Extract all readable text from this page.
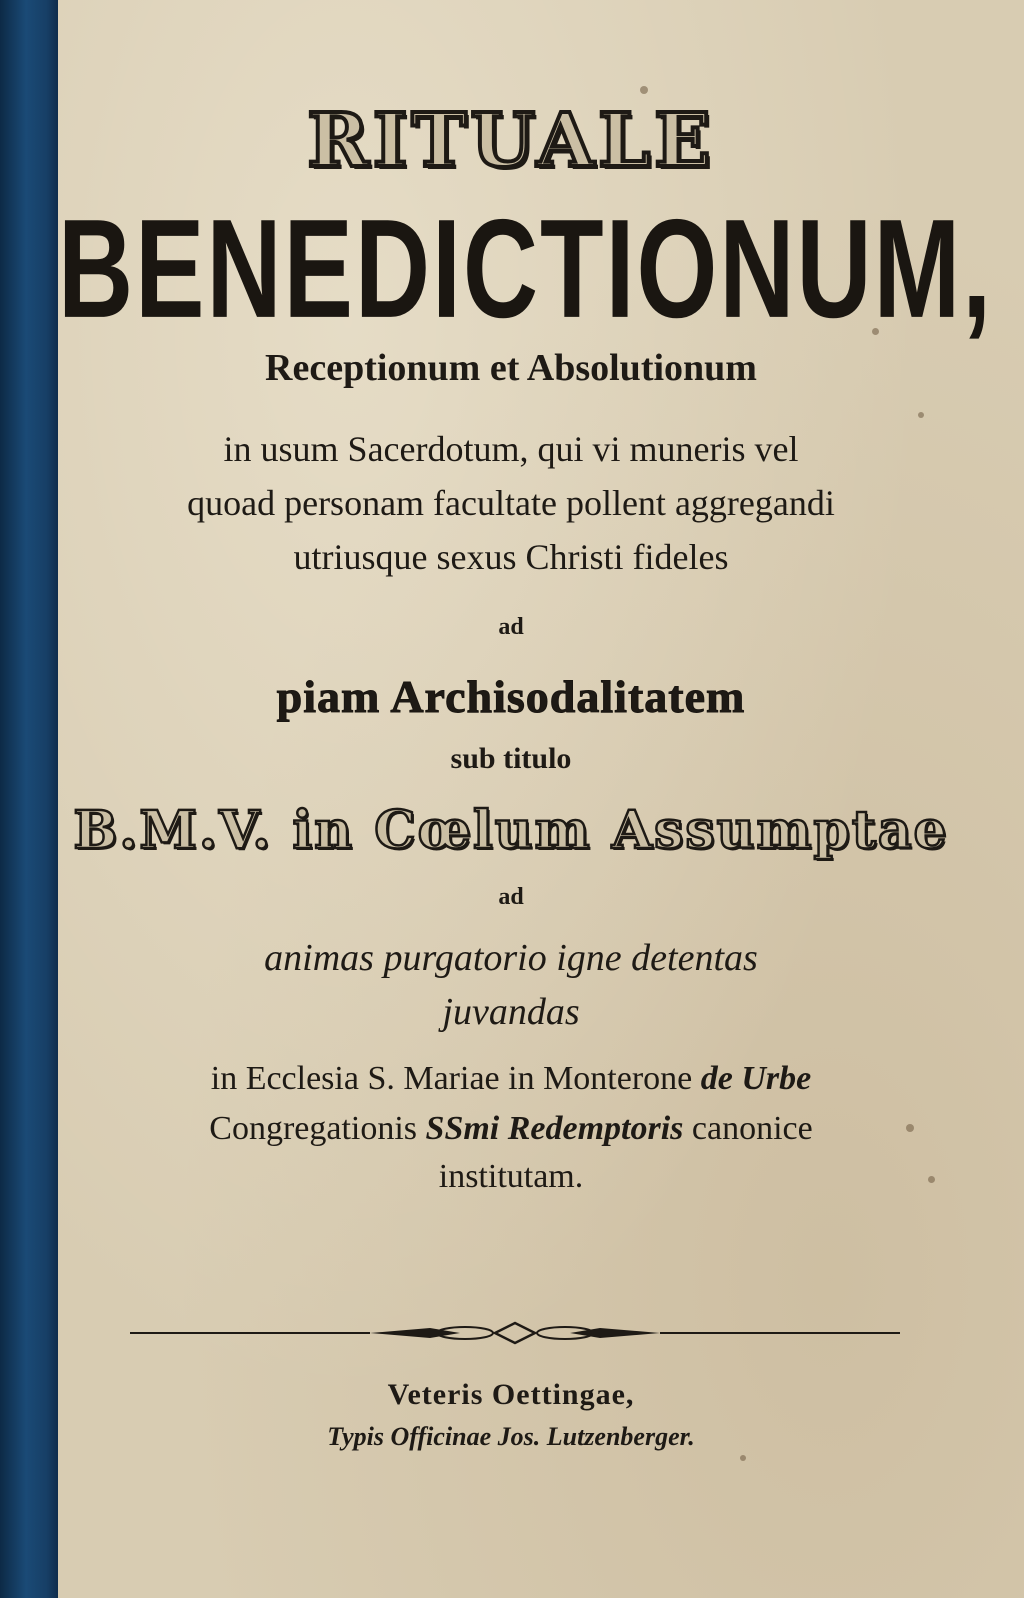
RITUALE
BENEDICTIONUM,
Receptionum et Absolutionum
in usum Sacerdotum, qui vi muneris vel
quoad personam facultate pollent aggregandi
utriusque sexus Christi fideles
ad
piam Archisodalitatem
sub titulo
B.M.V. in Cœlum Assumptae
ad
animas purgatorio igne detentas
juvandas
in Ecclesia S. Mariae in Monterone de Urbe
Congregationis SSmi Redemptoris canonice
institutam.
Veteris Oettingae,
Typis Officinae Jos. Lutzenberger.
